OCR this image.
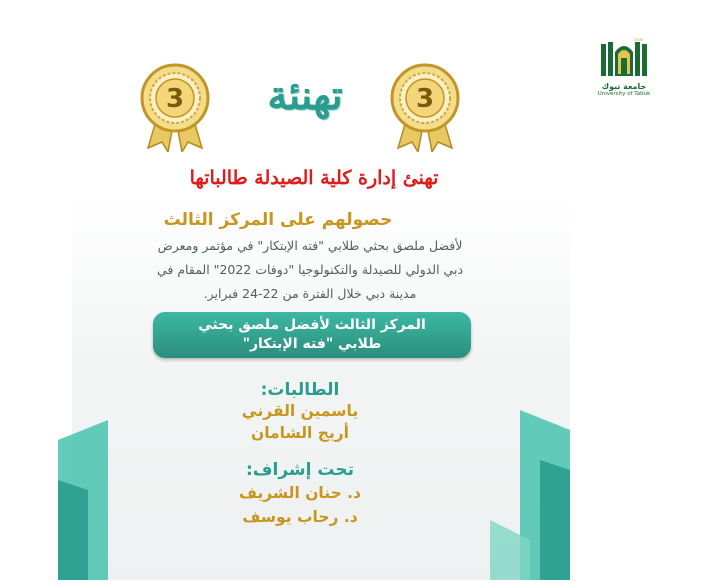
2006
جامعة تبوك
University of Tabuk
3	تهنئة	3
تهنئ إدارة كلية الصيدلة طالباتها
حصولهم على المركز الثالث
لأفضل ملصق بحثي طلابي "فته الإبتكار" في مؤتمر ومعرض
دبي الدولي للصيدلة والتكنولوجيا "دوفات 2022" المقام في
مدينة دبي خلال الفترة من 22-24 فبراير.
المركز الثالث لأفضل ملصق بحثي
طلابي "فته الإبتكار"
الطالبات:
ياسمين القرني
أريج الشامان
تحت إشراف:
د. حنان الشريف
د. رحاب يوسف
